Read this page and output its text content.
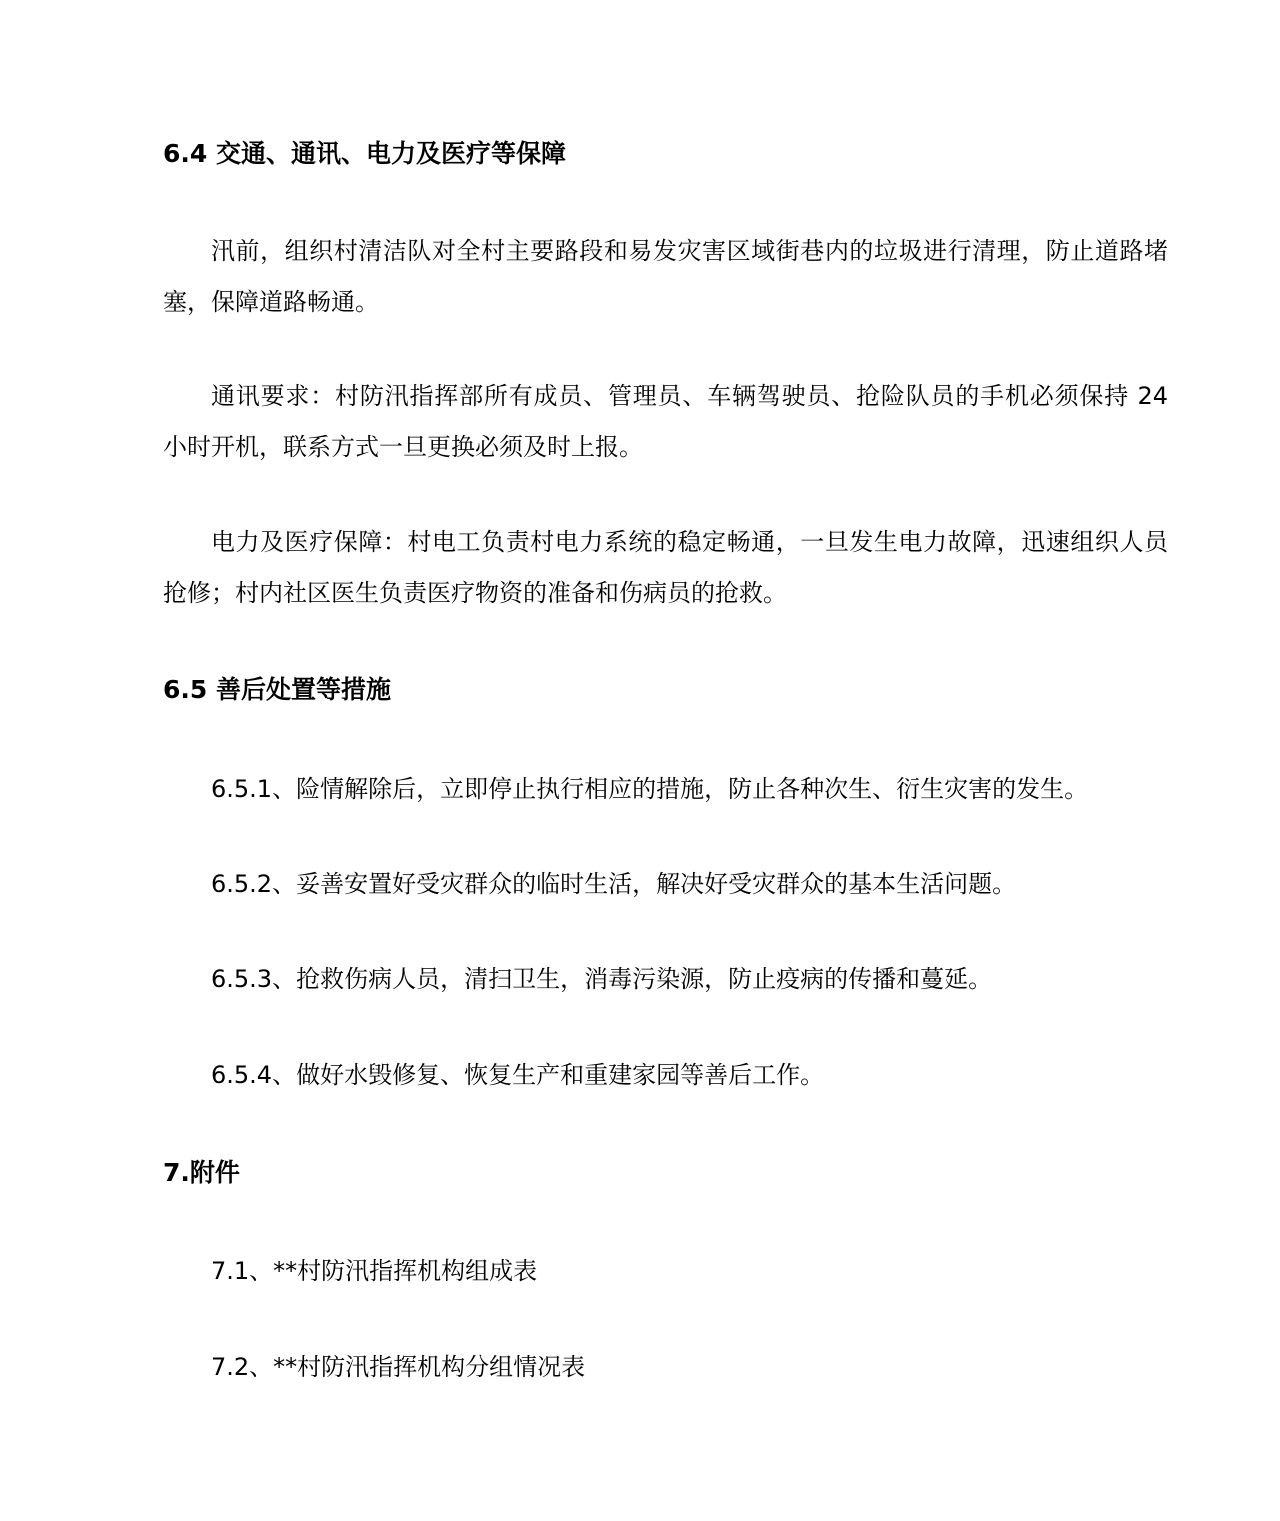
6.4 交通、通讯、电力及医疗等保障
汛前，组织村清洁队对全村主要路段和易发灾害区域街巷内的垃圾进行清理，防止道路堵塞，保障道路畅通。
通讯要求：村防汛指挥部所有成员、管理员、车辆驾驶员、抢险队员的手机必须保持 24 小时开机，联系方式一旦更换必须及时上报。
电力及医疗保障：村电工负责村电力系统的稳定畅通，一旦发生电力故障，迅速组织人员抢修；村内社区医生负责医疗物资的准备和伤病员的抢救。
6.5 善后处置等措施
6.5.1、险情解除后，立即停止执行相应的措施，防止各种次生、衍生灾害的发生。
6.5.2、妥善安置好受灾群众的临时生活，解决好受灾群众的基本生活问题。
6.5.3、抢救伤病人员，清扫卫生，消毒污染源，防止疫病的传播和蔓延。
6.5.4、做好水毁修复、恢复生产和重建家园等善后工作。
7.附件
7.1、**村防汛指挥机构组成表
7.2、**村防汛指挥机构分组情况表
